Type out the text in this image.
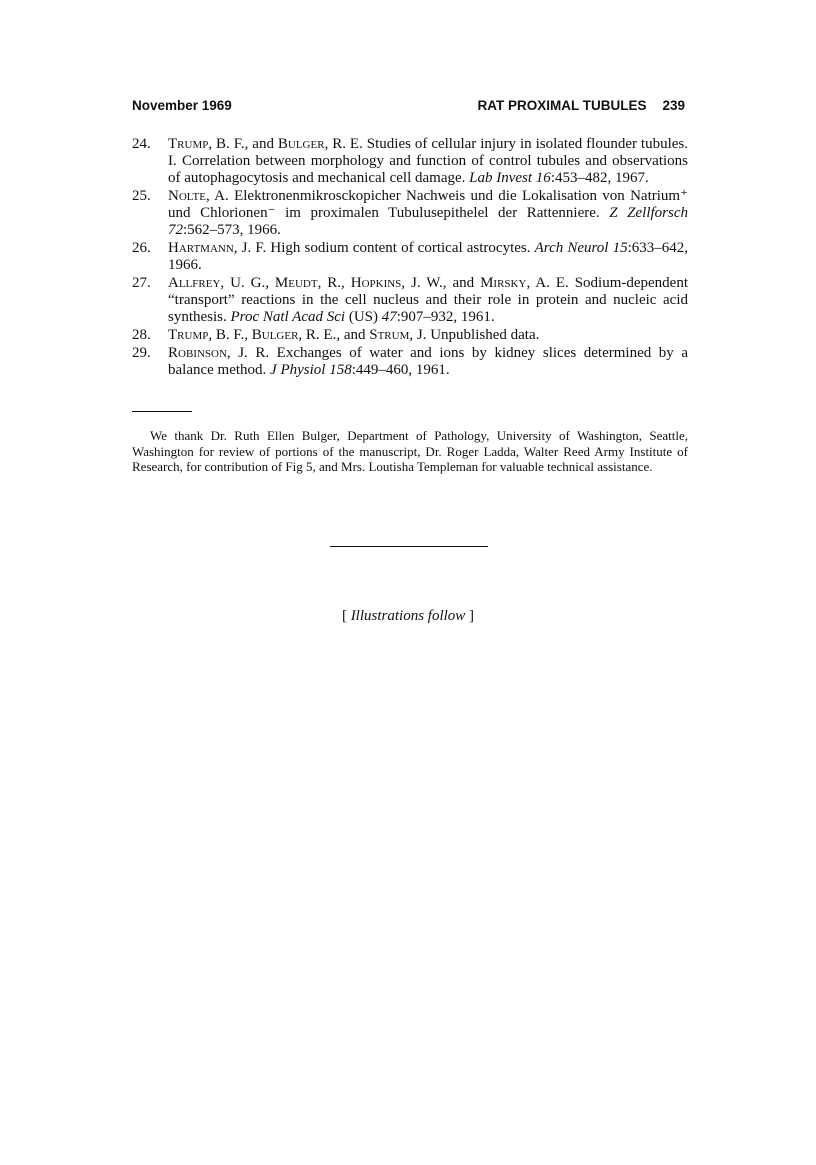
November 1969	RAT PROXIMAL TUBULES 239
24. Trump, B. F., and Bulger, R. E. Studies of cellular injury in isolated flounder tubules. I. Correlation between morphology and function of control tubules and observations of autophagocytosis and mechanical cell damage. Lab Invest 16:453–482, 1967.
25. Nolte, A. Elektronenmikrosckopicher Nachweis und die Lokalisation von Natrium⁺ und Chlorionen⁻ im proximalen Tubulusepithelel der Rattenniere. Z Zellforsch 72:562–573, 1966.
26. Hartmann, J. F. High sodium content of cortical astrocytes. Arch Neurol 15:633–642, 1966.
27. Allfrey, U. G., Meudt, R., Hopkins, J. W., and Mirsky, A. E. Sodium-dependent “transport” reactions in the cell nucleus and their role in protein and nucleic acid synthesis. Proc Natl Acad Sci (US) 47:907–932, 1961.
28. Trump, B. F., Bulger, R. E., and Strum, J. Unpublished data.
29. Robinson, J. R. Exchanges of water and ions by kidney slices determined by a balance method. J Physiol 158:449–460, 1961.
We thank Dr. Ruth Ellen Bulger, Department of Pathology, University of Washington, Seattle, Washington for review of portions of the manuscript, Dr. Roger Ladda, Walter Reed Army Institute of Research, for contribution of Fig 5, and Mrs. Loutisha Templeman for valuable technical assistance.
[ Illustrations follow ]
